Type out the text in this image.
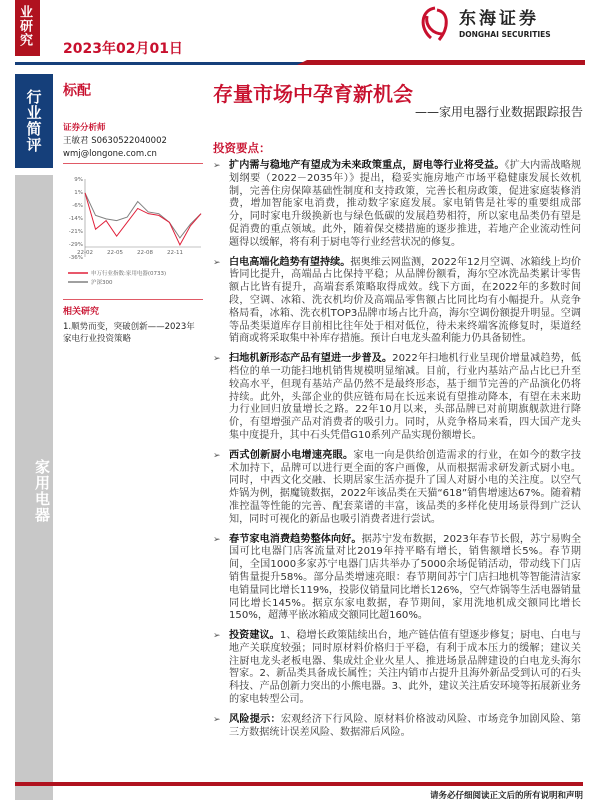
业研究
2023年02月01日
东海证券
DONGHAI SECURITIES
行业简评
家用电器
标配
证券分析师
王敏君 S0630522040002
wmj@longone.com.cn
9%
1%
-6%
-14%
-21%
-29%
-36%
22-02	22-05	22-08	22-11
申万行业指数:家用电器(0733)
沪深300
相关研究
1.顺势而变，突破创新——2023年家电行业投资策略
存量市场中孕育新机会
——家用电器行业数据跟踪报告
投资要点：
➢ 扩内需与稳地产有望成为未来政策重点，厨电等行业将受益。《扩大内需战略规划纲要（2022－2035年）》提出，稳妥实施房地产市场平稳健康发展长效机制，完善住房保障基础性制度和支持政策，完善长租房政策，促进家庭装修消费，增加智能家电消费，推动数字家庭发展。家电销售是社零的重要组成部分，同时家电升级换新也与绿色低碳的发展趋势相符，所以家电品类仍有望是促消费的重点领域。此外，随着保交楼措施的逐步推进，若地产企业流动性问题得以缓解，将有利于厨电等行业经营状况的修复。
➢ 白电高端化趋势有望持续。据奥维云网监测，2022年12月空调、冰箱线上均价皆同比提升，高端品占比保持平稳；从品牌份额看，海尔空冰洗品类累计零售额占比皆有提升，高端套系策略取得成效。线下方面，在2022年的多数时间段，空调、冰箱、洗衣机均价及高端品零售额占比同比均有小幅提升。从竞争格局看，冰箱、洗衣机TOP3品牌市场占比升高，海尔空调份额提升明显。空调等品类渠道库存目前相比往年处于相对低位，待未来终端客流修复时，渠道经销商或将采取集中补库存措施。预计白电龙头盈利能力仍具备韧性。
➢ 扫地机新形态产品有望进一步普及。2022年扫地机行业呈现价增量减趋势，低档位的单一功能扫地机销售规模明显缩减。目前，行业内基站产品占比已升至较高水平，但现有基站产品仍然不是最终形态，基于细节完善的产品演化仍将持续。此外，头部企业的供应链布局在长远来说有望推动降本，有望在未来助力行业回归放量增长之路。22年10月以来，头部品牌已对前期旗舰款进行降价，有望增强产品对消费者的吸引力。同时，从竞争格局来看，四大国产龙头集中度提升，其中石头凭借G10系列产品实现份额增长。
➢ 西式创新厨小电增速亮眼。家电一向是供给创造需求的行业，在如今的数字技术加持下，品牌可以进行更全面的客户画像，从而根据需求研发新式厨小电。同时，中西文化交融、长期居家生活亦提升了国人对厨小电的关注度。以空气炸锅为例，据魔镜数据，2022年该品类在天猫“618”销售增速达67%。随着精准控温等性能的完善、配套菜谱的丰富，该品类的多样化使用场景得到广泛认知，同时可视化的新品也吸引消费者进行尝试。
➢ 春节家电消费趋势整体向好。据苏宁发布数据，2023年春节长假，苏宁易购全国可比电器门店客流量对比2019年持平略有增长，销售额增长5%。春节期间，全国1000多家苏宁电器门店共举办了5000余场促销活动，带动线下门店销售量提升58%。部分品类增速亮眼：春节期间苏宁门店扫地机等智能清洁家电销量同比增长119%，投影仪销量同比增长126%，空气炸锅等生活电器销量同比增长145%。据京东家电数据，春节期间，家用洗地机成交额同比增长150%，超薄平嵌冰箱成交额同比超160%。
➢ 投资建议。1、稳增长政策陆续出台，地产链估值有望逐步修复；厨电、白电与地产关联度较强；同时原材料价格归于平稳，有利于成本压力的缓解；建议关注厨电龙头老板电器、集成灶企业火星人、推进场景品牌建设的白电龙头海尔智家。2、新品类具备成长属性；关注内销市占提升且海外新品受到认可的石头科技、产品创新力突出的小熊电器。3、此外，建议关注盾安环境等拓展新业务的家电转型公司。
➢ 风险提示：宏观经济下行风险、原材料价格波动风险、市场竞争加剧风险、第三方数据统计误差风险、数据滞后风险。
请务必仔细阅读正文后的所有说明和声明
